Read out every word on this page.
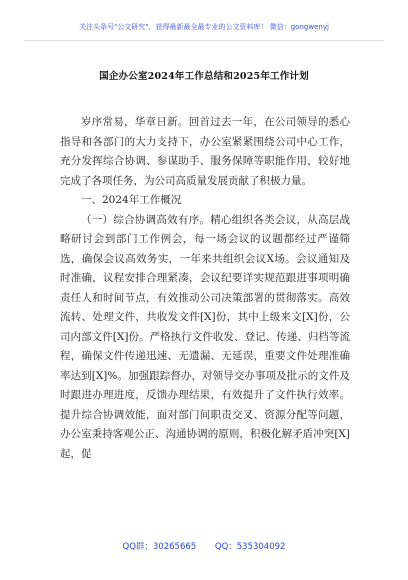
关注头条号"公文研究"，获得最新最全最专业的公文资料库！ 微信：gongwenyj
国企办公室2024年工作总结和2025年工作计划

岁序常易，华章日新。回首过去一年，在公司领导的悉心指导和各部门的大力支持下，办公室紧紧围绕公司中心工作，充分发挥综合协调、参谋助手、服务保障等职能作用，较好地完成了各项任务，为公司高质量发展贡献了积极力量。

一、2024年工作概况

（一）综合协调高效有序。精心组织各类会议，从高层战略研讨会到部门工作例会，每一场会议的议题都经过严谨筛选，确保会议高效务实，一年来共组织会议X场。会议通知及时准确，议程安排合理紧凑，会议纪要详实规范跟进事项明确责任人和时间节点，有效推动公司决策部署的贯彻落实。高效流转、处理文件，共收发文件[X]份，其中上级来文[X]份，公司内部文件[X]份。严格执行文件收发、登记、传递、归档等流程，确保文件传递迅速、无遗漏、无延误，重要文件处理准确率达到[X]%。加强跟踪督办，对领导交办事项及批示的文件及时跟进办理进度，反馈办理结果，有效提升了文件执行效率。提升综合协调效能，面对部门间职责交叉、资源分配等问题，办公室秉持客观公正、沟通协调的原则，积极化解矛盾冲突[X]起，促

QQ群：30265665 QQ：535304092
